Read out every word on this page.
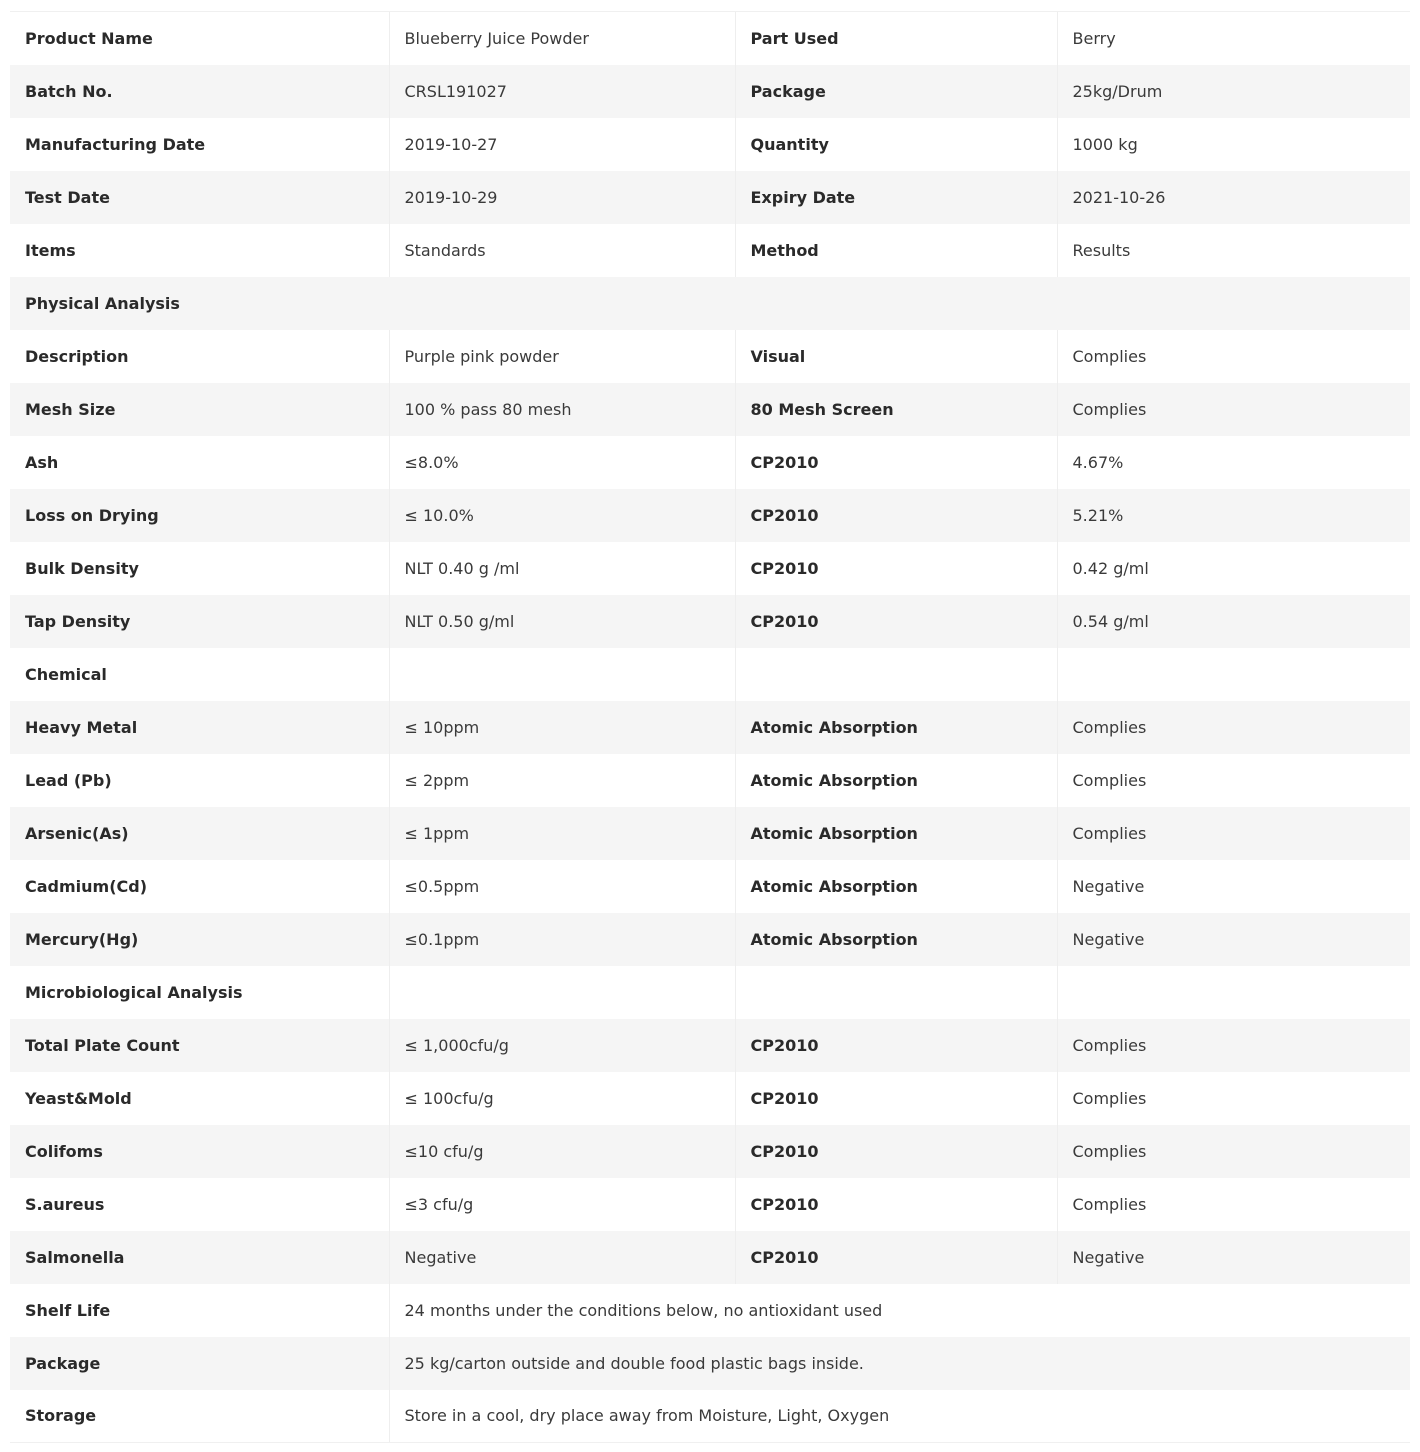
Product Name	Blueberry Juice Powder	Part Used	Berry
Batch No.	CRSL191027	Package	25kg/Drum
Manufacturing Date	2019-10-27	Quantity	1000 kg
Test Date	2019-10-29	Expiry Date	2021-10-26
Items	Standards	Method	Results
Physical Analysis			
Description	Purple pink powder	Visual	Complies
Mesh Size	100 % pass 80 mesh	80 Mesh Screen	Complies
Ash	≤8.0%	CP2010	4.67%
Loss on Drying	≤ 10.0%	CP2010	5.21%
Bulk Density	NLT 0.40 g /ml	CP2010	0.42 g/ml
Tap Density	NLT 0.50 g/ml	CP2010	0.54 g/ml
Chemical			
Heavy Metal	≤ 10ppm	Atomic Absorption	Complies
Lead (Pb)	≤ 2ppm	Atomic Absorption	Complies
Arsenic(As)	≤ 1ppm	Atomic Absorption	Complies
Cadmium(Cd)	≤0.5ppm	Atomic Absorption	Negative
Mercury(Hg)	≤0.1ppm	Atomic Absorption	Negative
Microbiological Analysis			
Total Plate Count	≤ 1,000cfu/g	CP2010	Complies
Yeast&Mold	≤ 100cfu/g	CP2010	Complies
Colifoms	≤10 cfu/g	CP2010	Complies
S.aureus	≤3 cfu/g	CP2010	Complies
Salmonella	Negative	CP2010	Negative
Shelf Life	24 months under the conditions below, no antioxidant used		
Package	25 kg/carton outside and double food plastic bags inside.		
Storage	Store in a cool, dry place away from Moisture, Light, Oxygen		
